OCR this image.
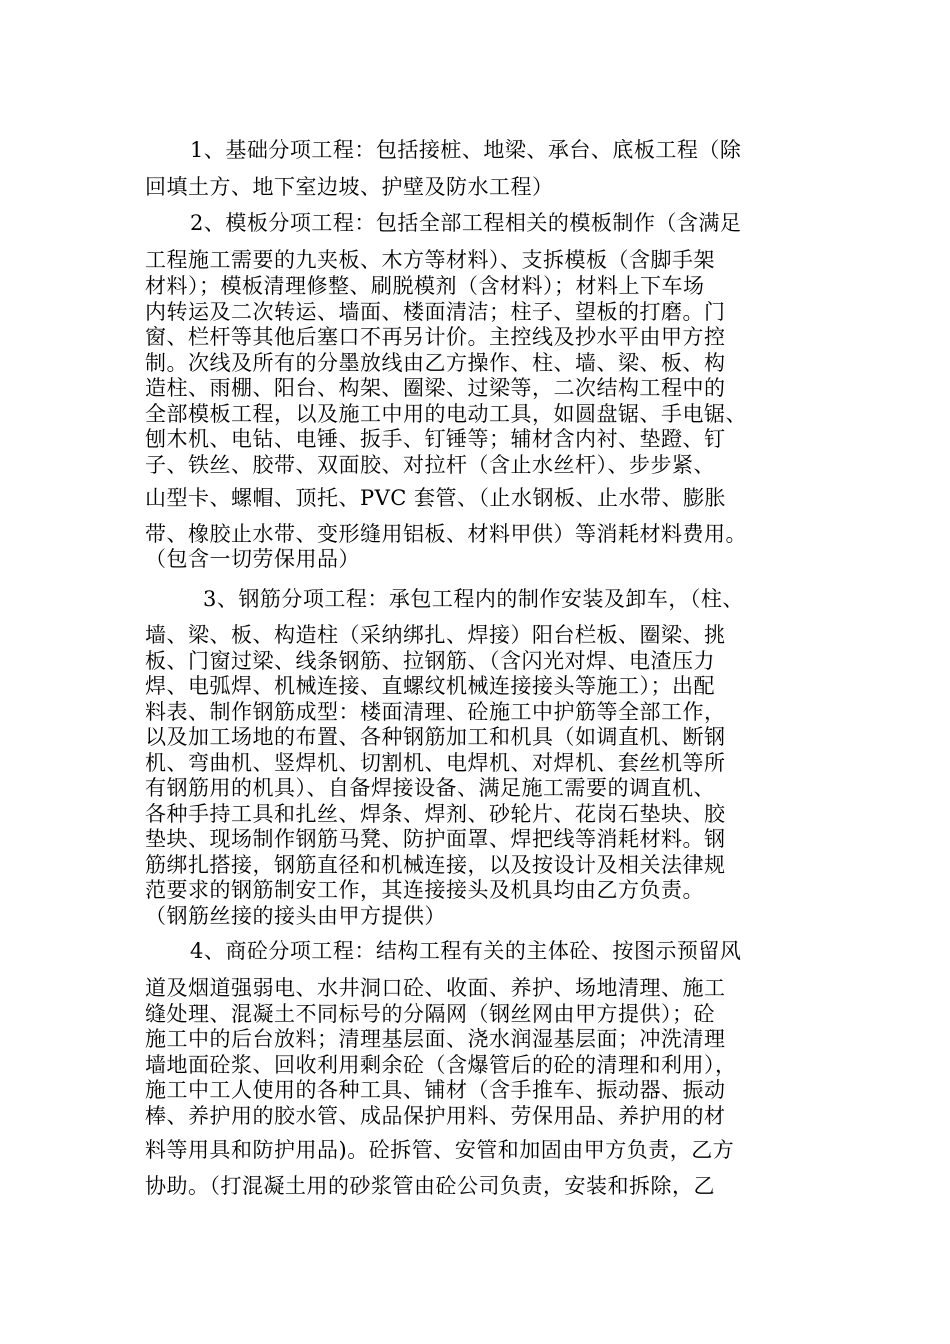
1、基础分项工程：包括接桩、地梁、承台、底板工程（除
回填土方、地下室边坡、护壁及防水工程）
2、模板分项工程：包括全部工程相关的模板制作（含满足
工程施工需要的九夹板、木方等材料）、支拆模板（含脚手架
材料）；模板清理修整、刷脱模剂（含材料）；材料上下车场
内转运及二次转运、墙面、楼面清洁；柱子、望板的打磨。门
窗、栏杆等其他后塞口不再另计价。主控线及抄水平由甲方控
制。次线及所有的分墨放线由乙方操作、柱、墙、梁、板、构
造柱、雨棚、阳台、构架、圈梁、过梁等，二次结构工程中的
全部模板工程，以及施工中用的电动工具，如圆盘锯、手电锯、
刨木机、电钻、电锤、扳手、钉锤等；辅材含内衬、垫蹬、钉
子、铁丝、胶带、双面胶、对拉杆（含止水丝杆）、步步紧、
山型卡、螺帽、顶托、PVC 套管、（止水钢板、止水带、膨胀
带、橡胶止水带、变形缝用铝板、材料甲供）等消耗材料费用。
（包含一切劳保用品）
3、钢筋分项工程：承包工程内的制作安装及卸车，（柱、
墙、梁、板、构造柱（采纳绑扎、焊接）阳台栏板、圈梁、挑
板、门窗过梁、线条钢筋、拉钢筋、（含闪光对焊、电渣压力
焊、电弧焊、机械连接、直螺纹机械连接接头等施工）；出配
料表、制作钢筋成型：楼面清理、砼施工中护筋等全部工作，
以及加工场地的布置、各种钢筋加工和机具（如调直机、断钢
机、弯曲机、竖焊机、切割机、电焊机、对焊机、套丝机等所
有钢筋用的机具）、自备焊接设备、满足施工需要的调直机、
各种手持工具和扎丝、焊条、焊剂、砂轮片、花岗石垫块、胶
垫块、现场制作钢筋马凳、防护面罩、焊把线等消耗材料。钢
筋绑扎搭接，钢筋直径和机械连接，以及按设计及相关法律规
范要求的钢筋制安工作，其连接接头及机具均由乙方负责。
（钢筋丝接的接头由甲方提供）
4、商砼分项工程：结构工程有关的主体砼、按图示预留风
道及烟道强弱电、水井洞口砼、收面、养护、场地清理、施工
缝处理、混凝土不同标号的分隔网（钢丝网由甲方提供）；砼
施工中的后台放料；清理基层面、浇水润湿基层面；冲洗清理
墙地面砼浆、回收利用剩余砼（含爆管后的砼的清理和利用），
施工中工人使用的各种工具、铺材（含手推车、振动器、振动
棒、养护用的胶水管、成品保护用料、劳保用品、养护用的材
料等用具和防护用品)。砼拆管、安管和加固由甲方负责，乙方
协助。（打混凝土用的砂浆管由砼公司负责，安装和拆除，乙
